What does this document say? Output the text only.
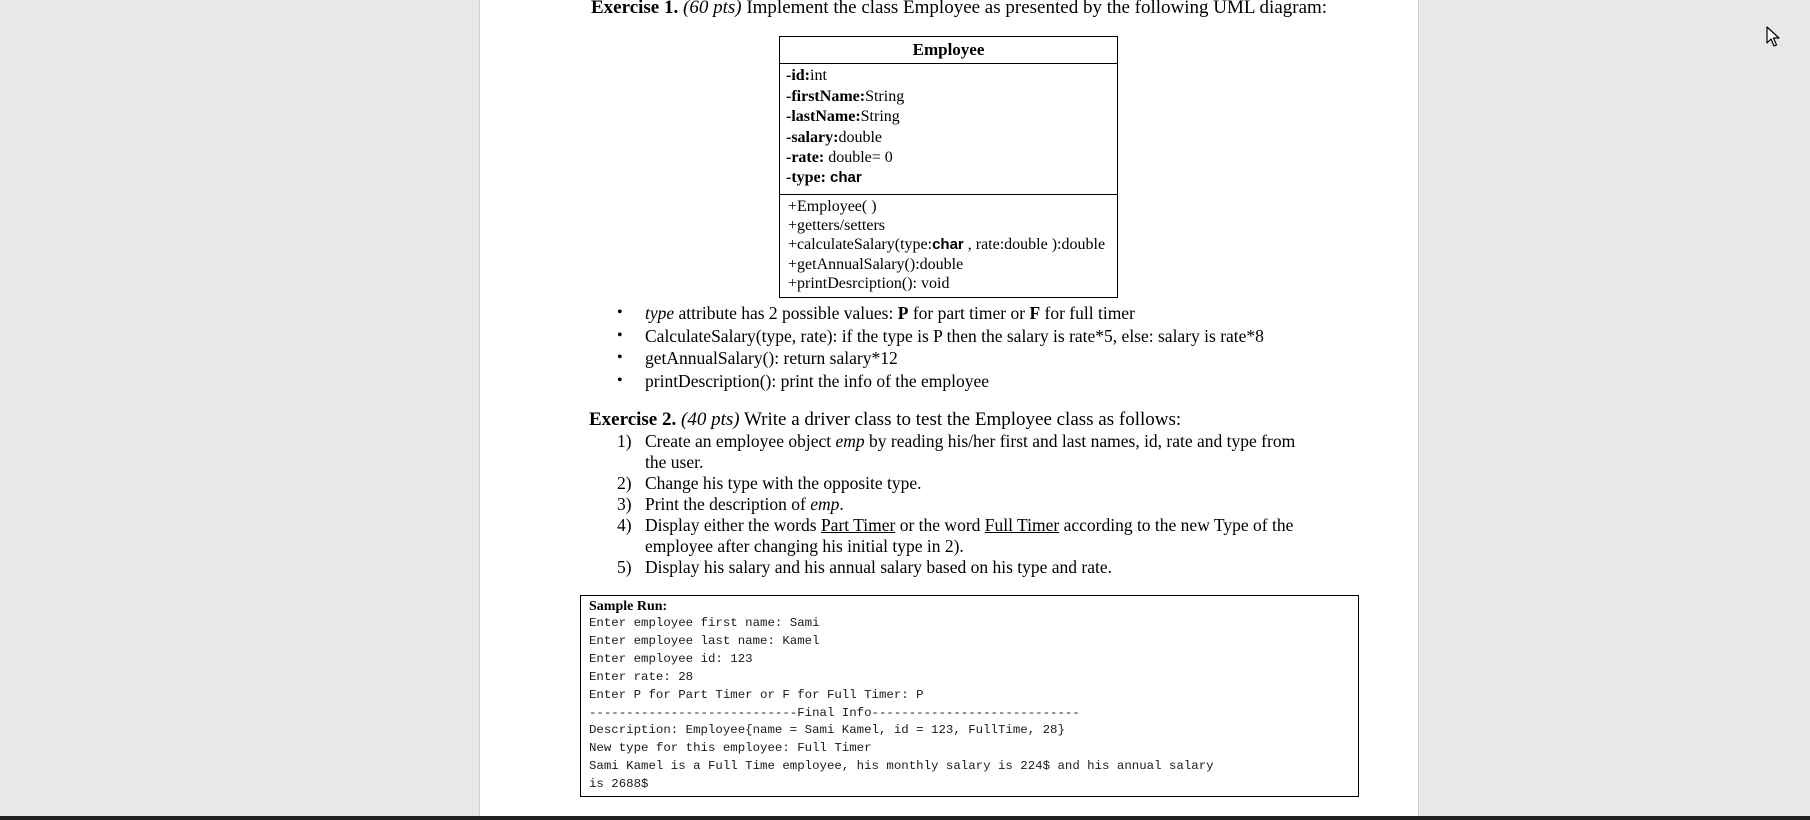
Exercise 1. (60 pts) Implement the class Employee as presented by the following UML diagram:
Employee
-id:int
-firstName:String
-lastName:String
-salary:double
-rate: double= 0
-type: char
+Employee( )
+getters/setters
+calculateSalary(type:char , rate:double ):double
+getAnnualSalary():double
+printDesrciption(): void
• type attribute has 2 possible values: P for part timer or F for full timer
• CalculateSalary(type, rate): if the type is P then the salary is rate*5, else: salary is rate*8
• getAnnualSalary(): return salary*12
• printDescription(): print the info of the employee
Exercise 2. (40 pts) Write a driver class to test the Employee class as follows:
1) Create an employee object emp by reading his/her first and last names, id, rate and type from the user.
2) Change his type with the opposite type.
3) Print the description of emp.
4) Display either the words Part Timer or the word Full Timer according to the new Type of the employee after changing his initial type in 2).
5) Display his salary and his annual salary based on his type and rate.
Sample Run:
Enter employee first name: Sami
Enter employee last name: Kamel
Enter employee id: 123
Enter rate: 28
Enter P for Part Timer or F for Full Timer: P
----------------------------Final Info----------------------------
Description: Employee{name = Sami Kamel, id = 123, FullTime, 28}
New type for this employee: Full Timer
Sami Kamel is a Full Time employee, his monthly salary is 224$ and his annual salary
is 2688$
